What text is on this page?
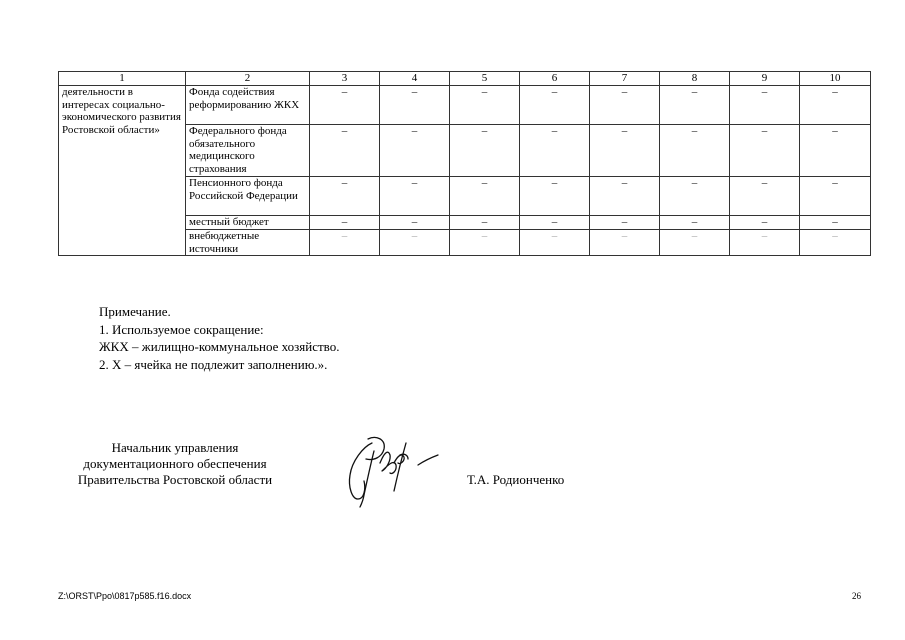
1	2	3	4	5	6	7	8	9	10
деятельности в интересах социально-экономического развития Ростовской области»	Фонда содействия реформированию ЖКХ	–	–	–	–	–	–	–	–
	Федерального фонда обязательного медицинского страхования	–	–	–	–	–	–	–	–
	Пенсионного фонда Российской Федерации	–	–	–	–	–	–	–	–
	местный бюджет	–	–	–	–	–	–	–	–
	внебюджетные источники	–	–	–	–	–	–	–	–
Примечание.
1. Используемое сокращение:
ЖКХ – жилищно-коммунальное хозяйство.
2. Х – ячейка не подлежит заполнению.».
Начальник управления
документационного обеспечения
Правительства Ростовской области	Т.А. Родионченко
Z:\ORST\Ppo\0817p585.f16.docx	26
